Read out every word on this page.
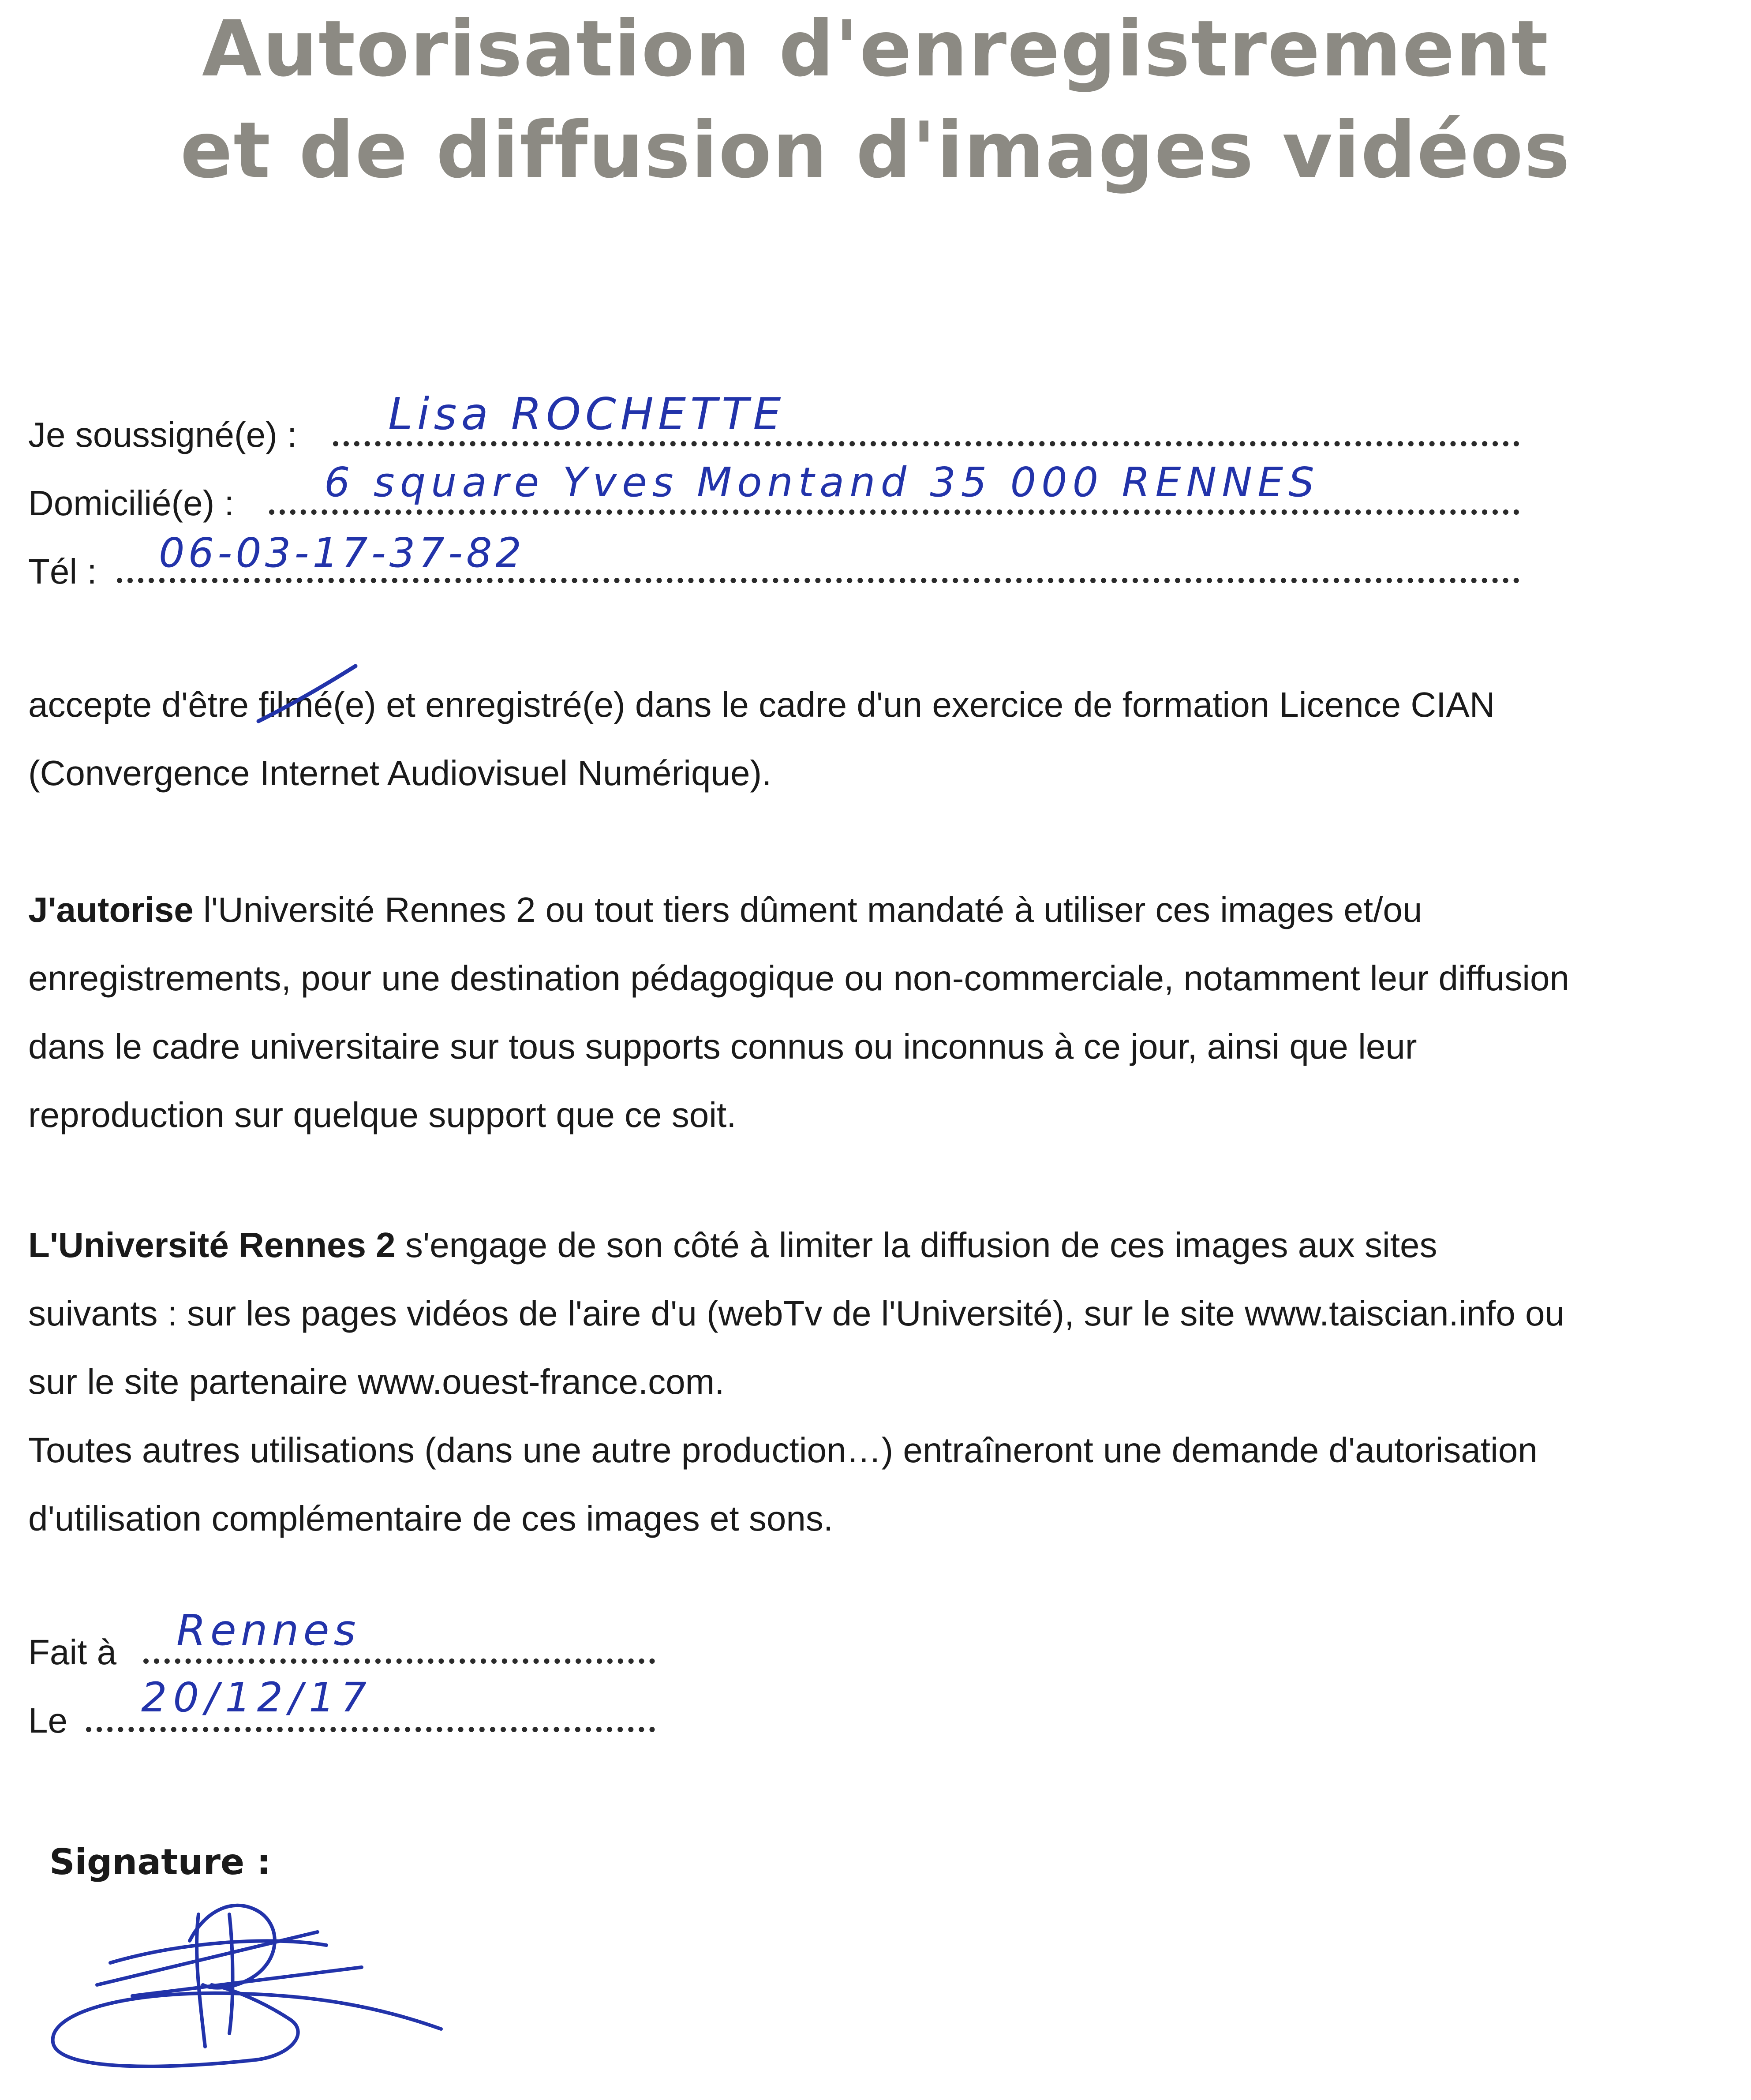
Autorisation d'enregistrement
et de diffusion d'images vidéos
Je soussigné(e) : Lisa ROCHETTE
Domicilié(e) : 6 square Yves Montand 35 000 RENNES
Tél : 06-03-17-37-82
accepte d'être filmé
(e) et enregistré(e) dans le cadre d'un exercice de formation Licence CIAN
(Convergence Internet Audiovisuel Numérique).
J'autorise l'Université Rennes 2 ou tout tiers dûment mandaté à utiliser ces images et/ou
enregistrements, pour une destination pédagogique ou non-commerciale, notamment leur diffusion
dans le cadre universitaire sur tous supports connus ou inconnus à ce jour, ainsi que leur
reproduction sur quelque support que ce soit.
L'Université Rennes 2 s'engage de son côté à limiter la diffusion de ces images aux sites
suivants : sur les pages vidéos de l'aire d'u (webTv de l'Université), sur le site www.taiscian.info ou
sur le site partenaire www.ouest-france.com.
Toutes autres utilisations (dans une autre production…) entraîneront une demande d'autorisation
d'utilisation complémentaire de ces images et sons.
Fait à Rennes
Le 20/12/17
Signature :
